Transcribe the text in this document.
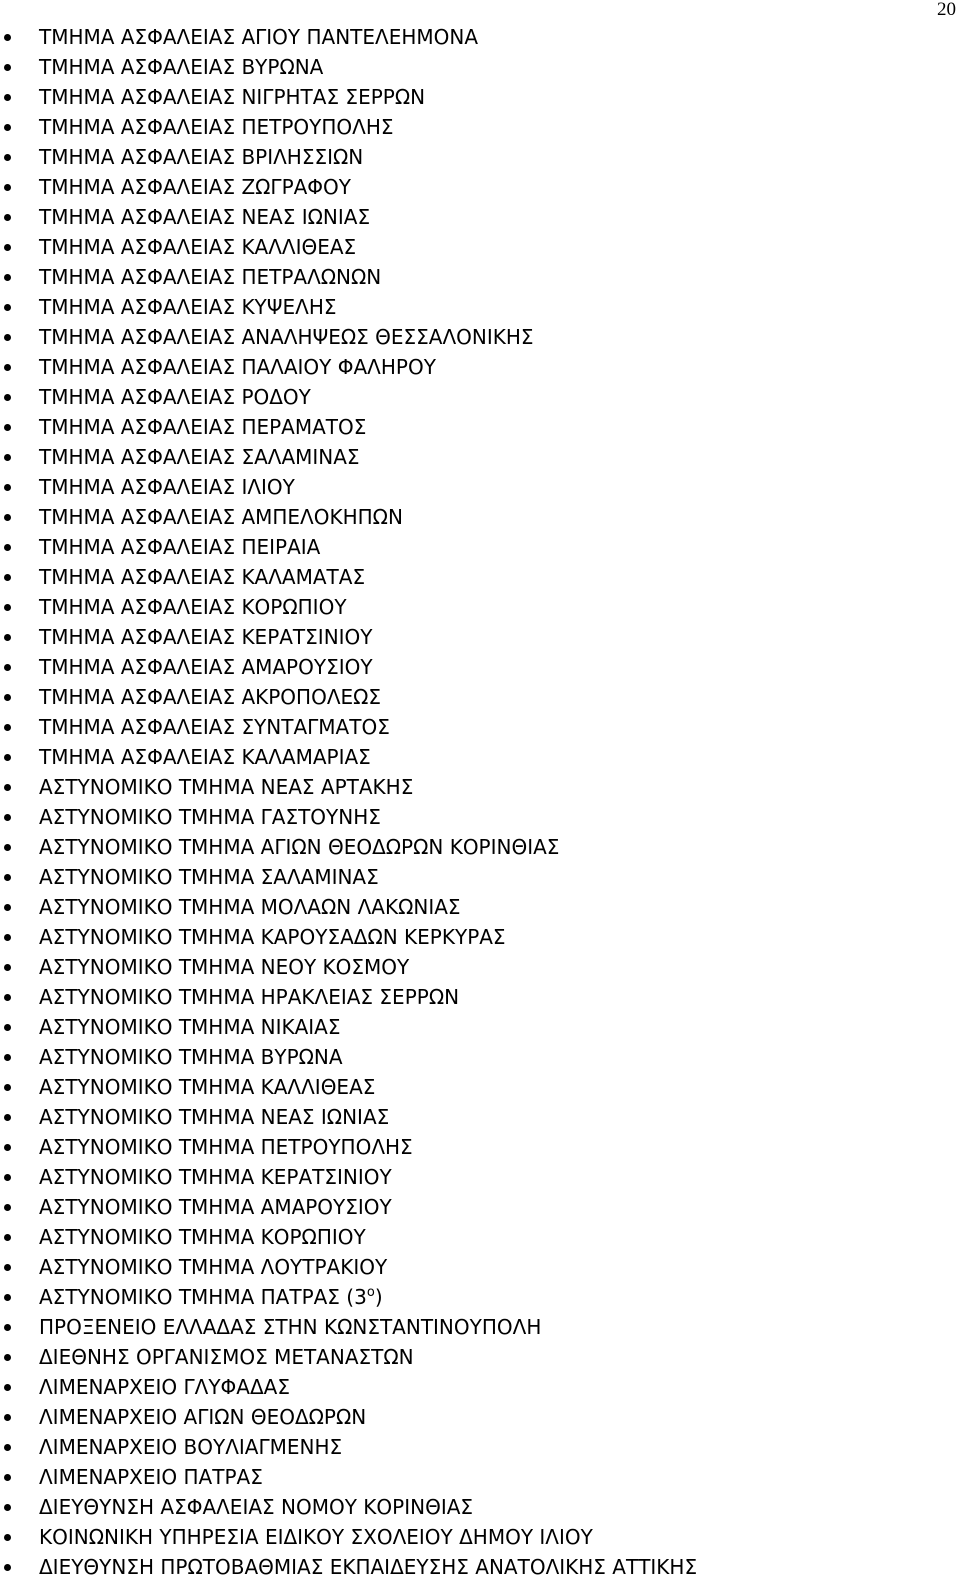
20
ΤΜΗΜΑ ΑΣΦΑΛΕΙΑΣ ΑΓΙΟΥ ΠΑΝΤΕΛΕΗΜΟΝΑ
ΤΜΗΜΑ ΑΣΦΑΛΕΙΑΣ ΒΥΡΩΝΑ
ΤΜΗΜΑ ΑΣΦΑΛΕΙΑΣ ΝΙΓΡΗΤΑΣ ΣΕΡΡΩΝ
ΤΜΗΜΑ ΑΣΦΑΛΕΙΑΣ ΠΕΤΡΟΥΠΟΛΗΣ
ΤΜΗΜΑ ΑΣΦΑΛΕΙΑΣ ΒΡΙΛΗΣΣΙΩΝ
ΤΜΗΜΑ ΑΣΦΑΛΕΙΑΣ ΖΩΓΡΑΦΟΥ
ΤΜΗΜΑ ΑΣΦΑΛΕΙΑΣ ΝΕΑΣ ΙΩΝΙΑΣ
ΤΜΗΜΑ ΑΣΦΑΛΕΙΑΣ ΚΑΛΛΙΘΕΑΣ
ΤΜΗΜΑ ΑΣΦΑΛΕΙΑΣ ΠΕΤΡΑΛΩΝΩΝ
ΤΜΗΜΑ ΑΣΦΑΛΕΙΑΣ ΚΥΨΕΛΗΣ
ΤΜΗΜΑ ΑΣΦΑΛΕΙΑΣ ΑΝΑΛΗΨΕΩΣ ΘΕΣΣΑΛΟΝΙΚΗΣ
ΤΜΗΜΑ ΑΣΦΑΛΕΙΑΣ ΠΑΛΑΙΟΥ ΦΑΛΗΡΟΥ
ΤΜΗΜΑ ΑΣΦΑΛΕΙΑΣ ΡΟΔΟΥ
ΤΜΗΜΑ ΑΣΦΑΛΕΙΑΣ ΠΕΡΑΜΑΤΟΣ
ΤΜΗΜΑ ΑΣΦΑΛΕΙΑΣ ΣΑΛΑΜΙΝΑΣ
ΤΜΗΜΑ ΑΣΦΑΛΕΙΑΣ ΙΛΙΟΥ
ΤΜΗΜΑ ΑΣΦΑΛΕΙΑΣ ΑΜΠΕΛΟΚΗΠΩΝ
ΤΜΗΜΑ ΑΣΦΑΛΕΙΑΣ ΠΕΙΡΑΙΑ
ΤΜΗΜΑ ΑΣΦΑΛΕΙΑΣ ΚΑΛΑΜΑΤΑΣ
ΤΜΗΜΑ ΑΣΦΑΛΕΙΑΣ ΚΟΡΩΠΙΟΥ
ΤΜΗΜΑ ΑΣΦΑΛΕΙΑΣ ΚΕΡΑΤΣΙΝΙΟΥ
ΤΜΗΜΑ ΑΣΦΑΛΕΙΑΣ ΑΜΑΡΟΥΣΙΟΥ
ΤΜΗΜΑ ΑΣΦΑΛΕΙΑΣ ΑΚΡΟΠΟΛΕΩΣ
ΤΜΗΜΑ ΑΣΦΑΛΕΙΑΣ ΣΥΝΤΑΓΜΑΤΟΣ
ΤΜΗΜΑ ΑΣΦΑΛΕΙΑΣ ΚΑΛΑΜΑΡΙΑΣ
ΑΣΤΥΝΟΜΙΚΟ ΤΜΗΜΑ ΝΕΑΣ ΑΡΤΑΚΗΣ
ΑΣΤΥΝΟΜΙΚΟ ΤΜΗΜΑ ΓΑΣΤΟΥΝΗΣ
ΑΣΤΥΝΟΜΙΚΟ ΤΜΗΜΑ ΑΓΙΩΝ ΘΕΟΔΩΡΩΝ ΚΟΡΙΝΘΙΑΣ
ΑΣΤΥΝΟΜΙΚΟ ΤΜΗΜΑ ΣΑΛΑΜΙΝΑΣ
ΑΣΤΥΝΟΜΙΚΟ ΤΜΗΜΑ ΜΟΛΑΩΝ ΛΑΚΩΝΙΑΣ
ΑΣΤΥΝΟΜΙΚΟ ΤΜΗΜΑ ΚΑΡΟΥΣΑΔΩΝ ΚΕΡΚΥΡΑΣ
ΑΣΤΥΝΟΜΙΚΟ ΤΜΗΜΑ ΝΕΟΥ ΚΟΣΜΟΥ
ΑΣΤΥΝΟΜΙΚΟ ΤΜΗΜΑ ΗΡΑΚΛΕΙΑΣ ΣΕΡΡΩΝ
ΑΣΤΥΝΟΜΙΚΟ ΤΜΗΜΑ ΝΙΚΑΙΑΣ
ΑΣΤΥΝΟΜΙΚΟ ΤΜΗΜΑ ΒΥΡΩΝΑ
ΑΣΤΥΝΟΜΙΚΟ ΤΜΗΜΑ ΚΑΛΛΙΘΕΑΣ
ΑΣΤΥΝΟΜΙΚΟ ΤΜΗΜΑ ΝΕΑΣ ΙΩΝΙΑΣ
ΑΣΤΥΝΟΜΙΚΟ ΤΜΗΜΑ ΠΕΤΡΟΥΠΟΛΗΣ
ΑΣΤΥΝΟΜΙΚΟ ΤΜΗΜΑ ΚΕΡΑΤΣΙΝΙΟΥ
ΑΣΤΥΝΟΜΙΚΟ ΤΜΗΜΑ ΑΜΑΡΟΥΣΙΟΥ
ΑΣΤΥΝΟΜΙΚΟ ΤΜΗΜΑ ΚΟΡΩΠΙΟΥ
ΑΣΤΥΝΟΜΙΚΟ ΤΜΗΜΑ ΛΟΥΤΡΑΚΙΟΥ
ΑΣΤΥΝΟΜΙΚΟ ΤΜΗΜΑ ΠΑΤΡΑΣ $(3^o)$
ΠΡΟΞΕΝΕΙΟ ΕΛΛΑΔΑΣ ΣΤΗΝ ΚΩΝΣΤΑΝΤΙΝΟΥΠΟΛΗ
ΔΙΕΘΝΗΣ ΟΡΓΑΝΙΣΜΟΣ ΜΕΤΑΝΑΣΤΩΝ
ΛΙΜΕΝΑΡΧΕΙΟ ΓΛΥΦΑΔΑΣ
ΛΙΜΕΝΑΡΧΕΙΟ ΑΓΙΩΝ ΘΕΟΔΩΡΩΝ
ΛΙΜΕΝΑΡΧΕΙΟ ΒΟΥΛΙΑΓΜΕΝΗΣ
ΛΙΜΕΝΑΡΧΕΙΟ ΠΑΤΡΑΣ
ΔΙΕΥΘΥΝΣΗ ΑΣΦΑΛΕΙΑΣ ΝΟΜΟΥ ΚΟΡΙΝΘΙΑΣ
ΚΟΙΝΩΝΙΚΗ ΥΠΗΡΕΣΙΑ ΕΙΔΙΚΟΥ ΣΧΟΛΕΙΟΥ ΔΗΜΟΥ ΙΛΙΟΥ
ΔΙΕΥΘΥΝΣΗ ΠΡΩΤΟΒΑΘΜΙΑΣ ΕΚΠΑΙΔΕΥΣΗΣ ΑΝΑΤΟΛΙΚΗΣ ΑΤΤΙΚΗΣ
